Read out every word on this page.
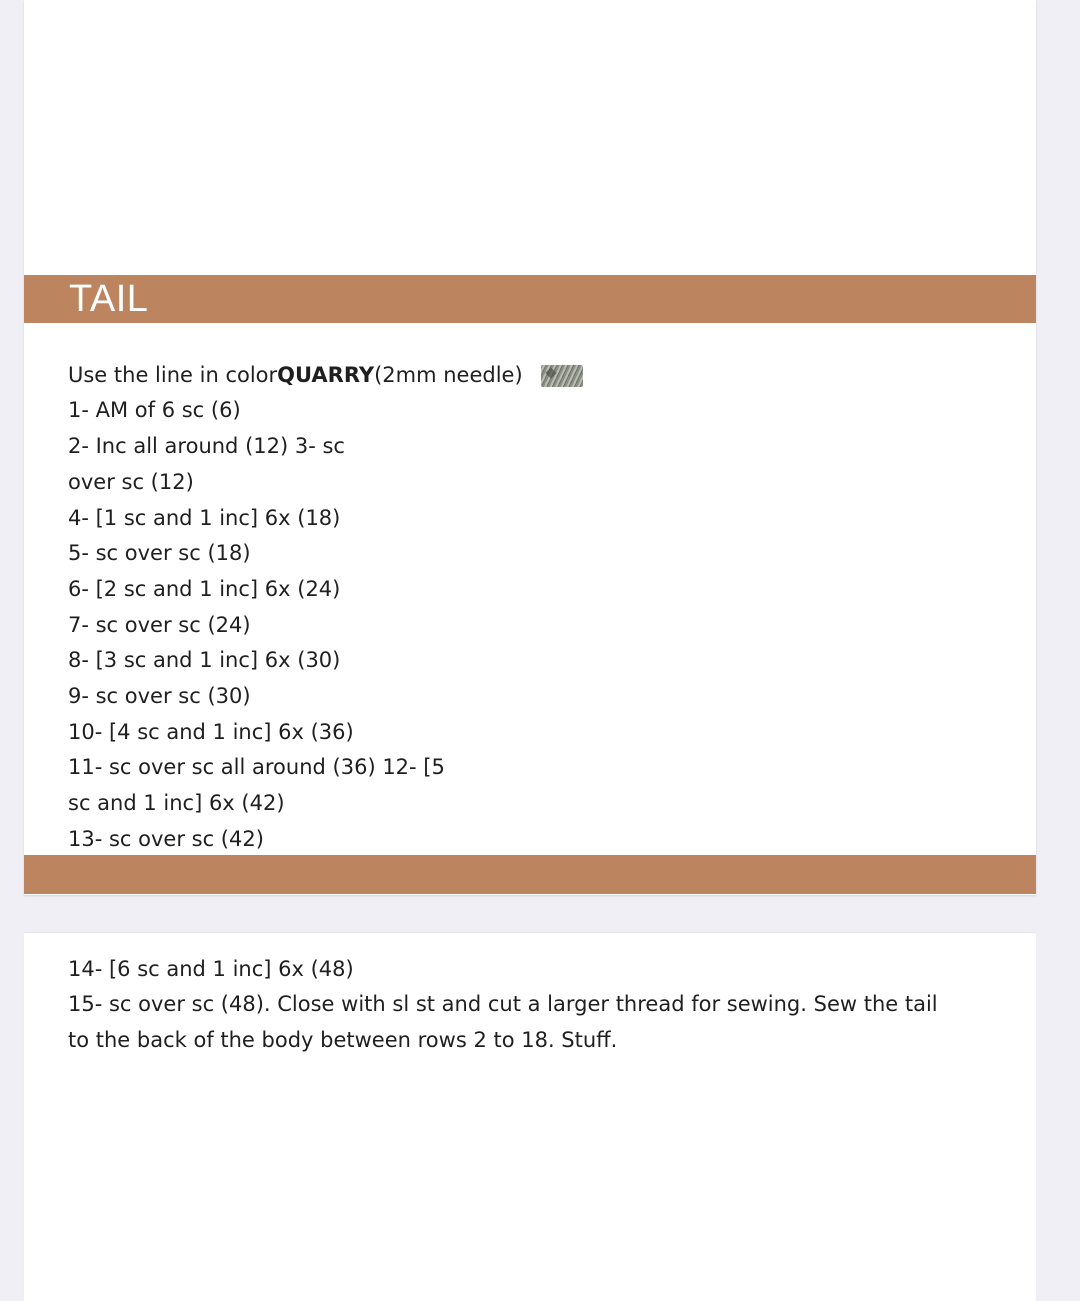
TAIL
Use the line in colorQUARRY(2mm needle)
1- AM of 6 sc (6)
2- Inc all around (12) 3- sc
over sc (12)
4- [1 sc and 1 inc] 6x (18)
5- sc over sc (18)
6- [2 sc and 1 inc] 6x (24)
7- sc over sc (24)
8- [3 sc and 1 inc] 6x (30)
9- sc over sc (30)
10- [4 sc and 1 inc] 6x (36)
11- sc over sc all around (36) 12- [5
sc and 1 inc] 6x (42)
13- sc over sc (42)
14- [6 sc and 1 inc] 6x (48)
15- sc over sc (48). Close with sl st and cut a larger thread for sewing. Sew the tail
to the back of the body between rows 2 to 18. Stuff.
